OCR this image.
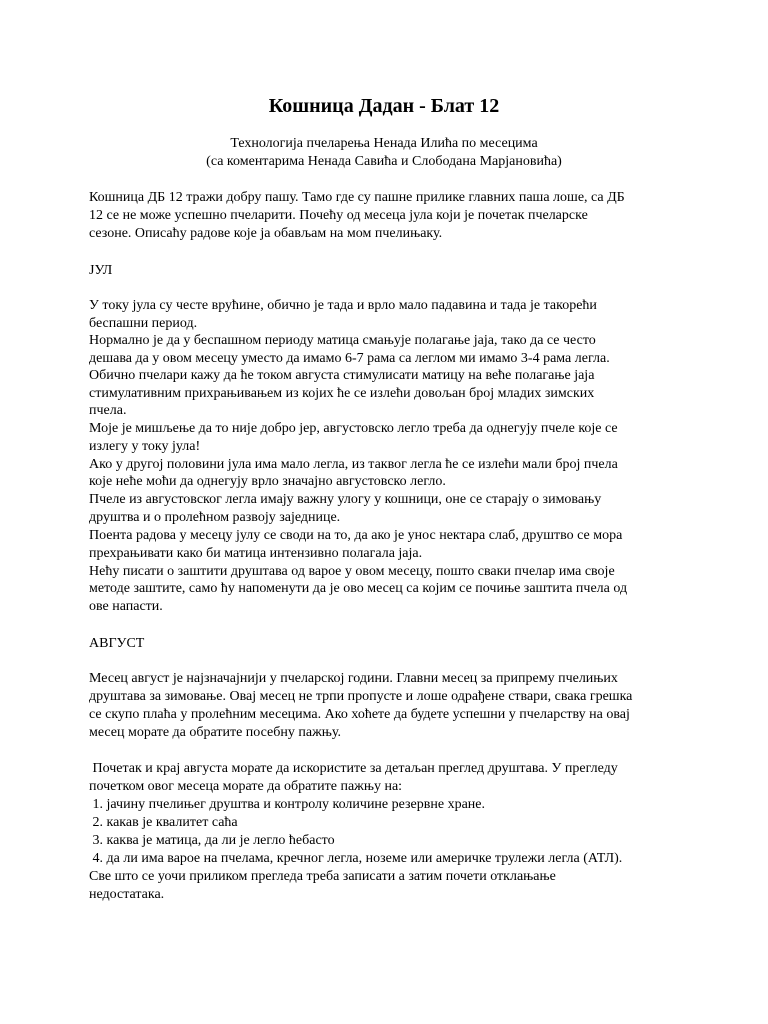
Кошница Дадан - Блат 12
Технологија пчеларења Ненада Илића по месецима
(са коментарима Ненада Савића и Слободана Марјановића)
Кошница ДБ 12 тражи добру пашу. Тамо где су пашне прилике главних паша лоше, са ДБ
12 се не може успешно пчеларити. Почећу од месеца јула који је почетак пчеларске
сезоне. Описаћу радове које ја обављам на мом пчелињаку.
ЈУЛ
У току јула су честе врућине, обично је тада и врло мало падавина и тада је такорећи
беспашни период.
Нормално је да у беспашном периоду матица смањује полагање јаја, тако да се често
дешава да у овом месецу уместо да имамо 6-7 рама са леглом ми имамо 3-4 рама легла.
Обично пчелари кажу да ће током августа стимулисати матицу на веће полагање јаја
стимулативним прихрањивањем из којих ће се излећи довољан број младих зимских
пчела.
Моје је мишљење да то није добро јер, августовско легло треба да однегују пчеле које се
излегу у току јула!
Ако у другој половини јула има мало легла, из таквог легла ће се излећи мали број пчела
које неће моћи да однегују врло значајно августовско легло.
Пчеле из августовског легла имају важну улогу у кошници, оне се старају о зимовању
друштва и о пролећном развоју заједнице.
Поента радова у месецу јулу се своди на то, да ако је унос нектара слаб, друштво се мора
прехрањивати како би матица интензивно полагала јаја.
Нећу писати о заштити друштава од вароe у овом месецу, пошто сваки пчелар има своје
методе заштите, само ћу напоменути да је ово месец са којим се почиње заштита пчела од
ове напасти.
АВГУСТ
Месец август је најзначајнији у пчеларској години. Главни месец за припрему пчелињих
друштава за зимовање. Овај месец не трпи пропусте и лоше одрађене ствари, свака грешка
се скупо плаћа у пролећним месецима. Ако хоћете да будете успешни у пчеларству на овај
месец морате да обратите посебну пажњу.
Почетак и крај августа морате да искористите за детаљан преглед друштава. У прегледу
почетком овог месеца морате да обратите пажњу на:
1. јачину пчелињег друштва и контролу количине резервне хране.
2. какав је квалитет саћа
3. каква је матица, да ли је легло ћебасто
4. да ли има вароe на пчелама, кречног легла, ноземе или америчке трулежи легла (АТЛ).
Све што се уочи приликом прегледа треба записати а затим почети отклањање
недостатака.
